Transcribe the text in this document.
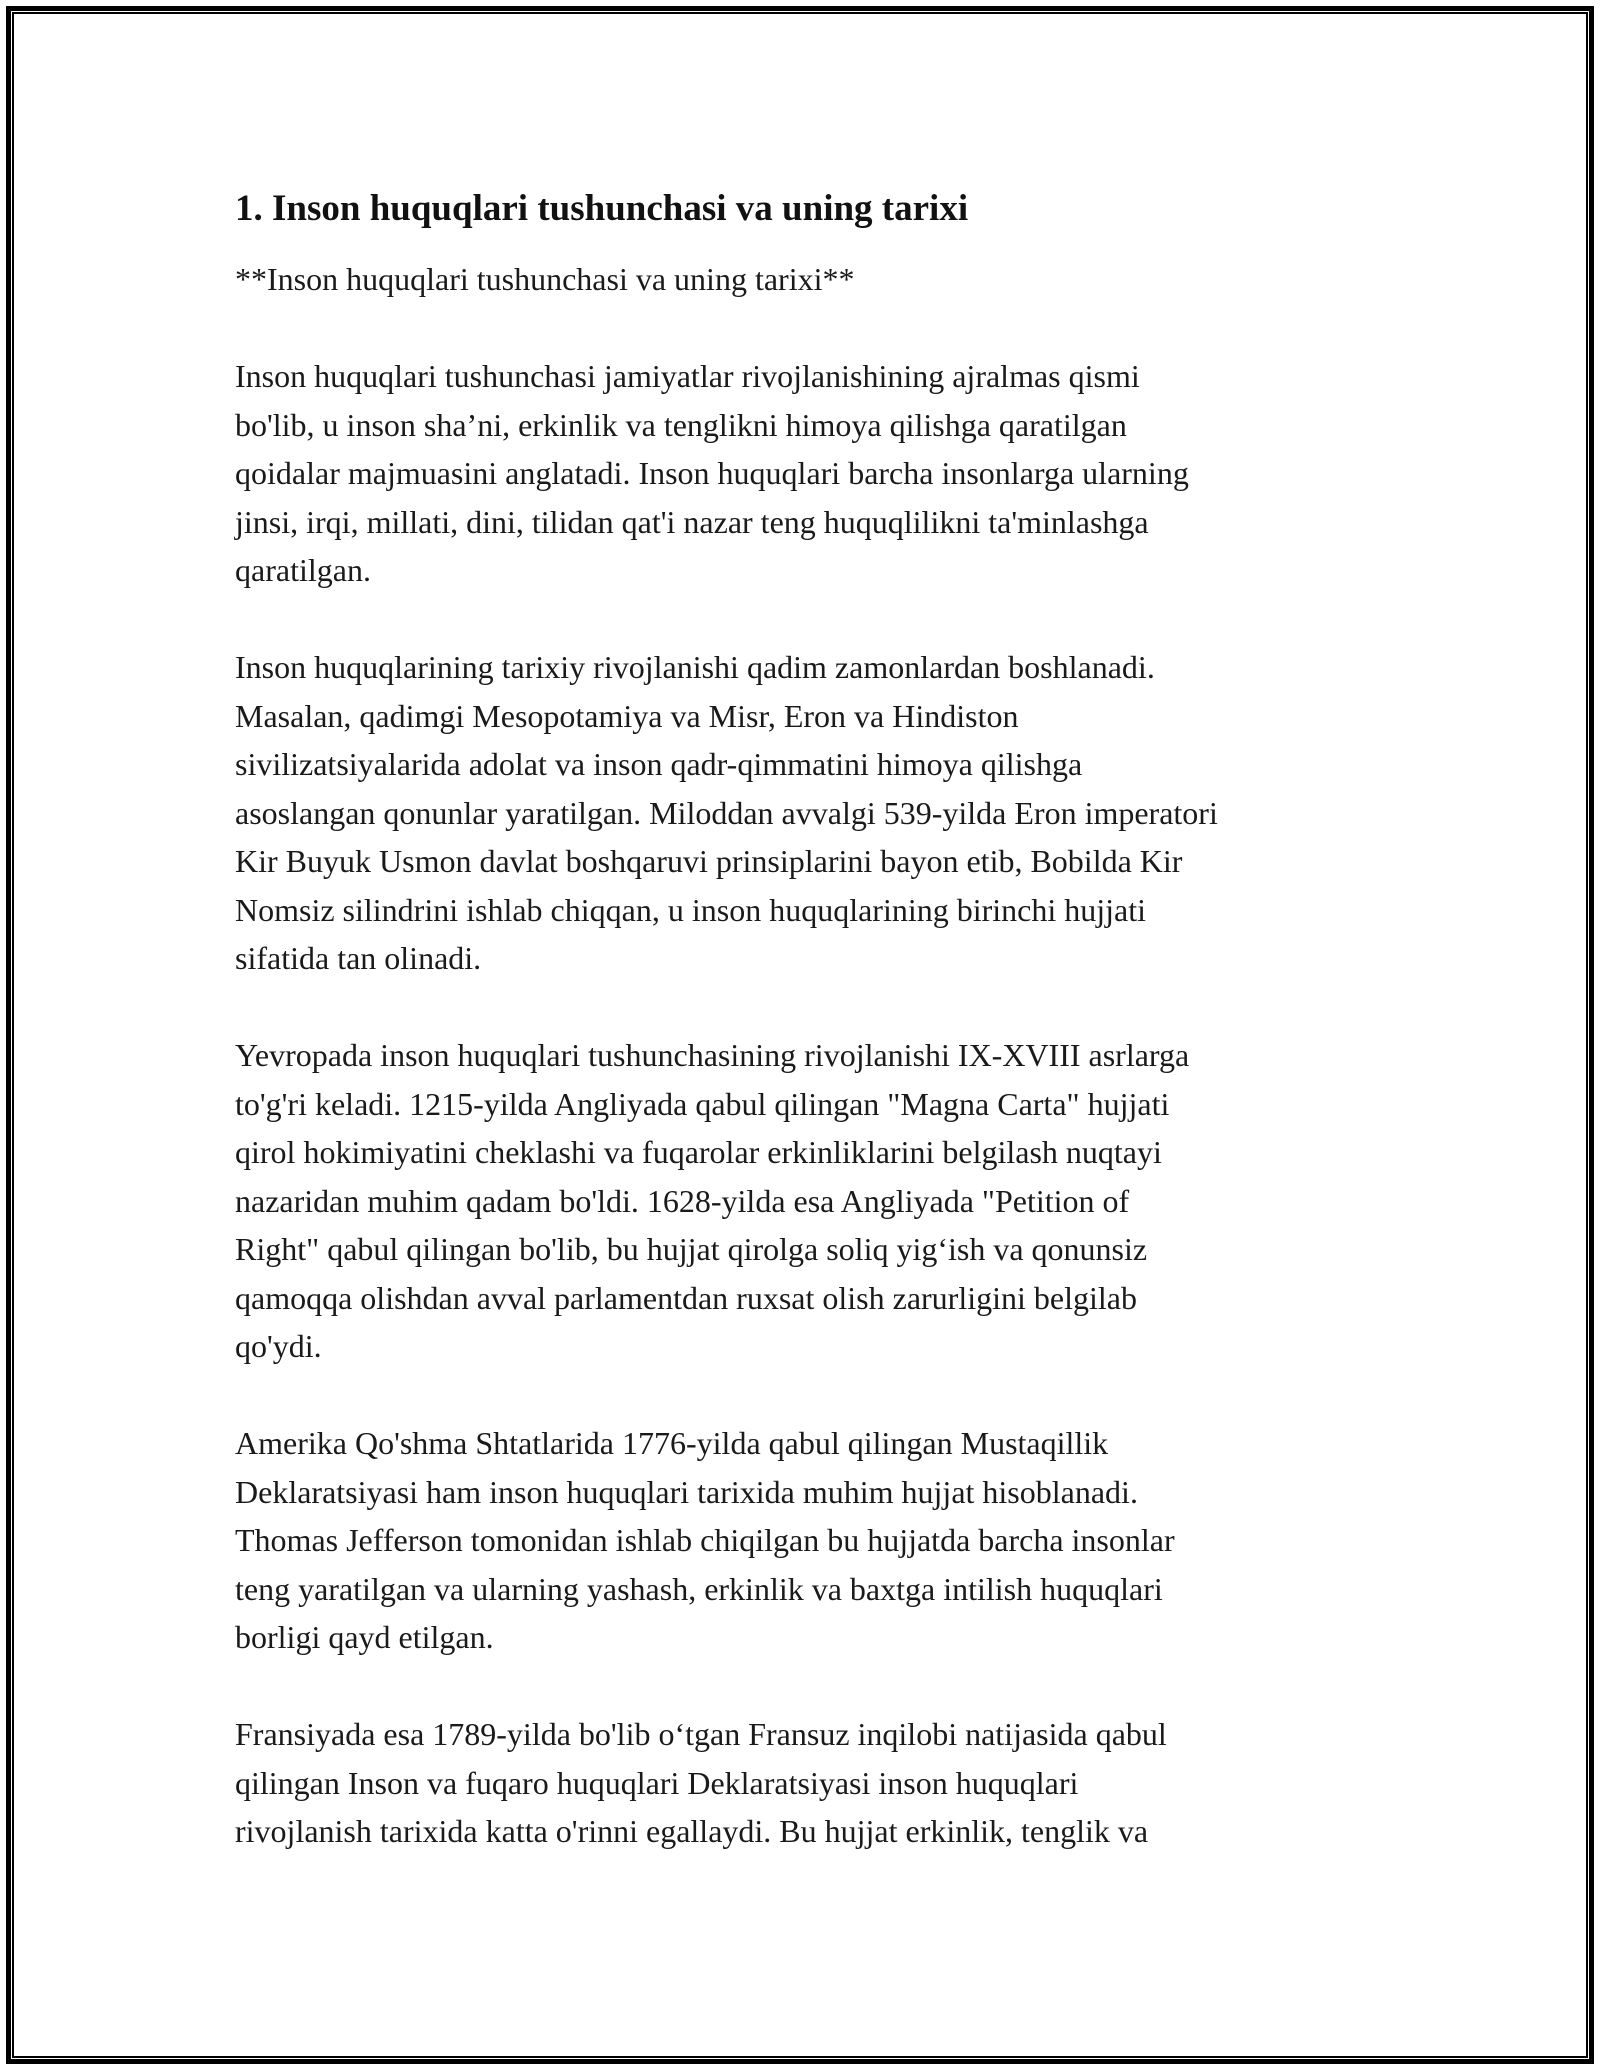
1. Inson huquqlari tushunchasi va uning tarixi

**Inson huquqlari tushunchasi va uning tarixi**

Inson huquqlari tushunchasi jamiyatlar rivojlanishining ajralmas qismi
bo'lib, u inson sha’ni, erkinlik va tenglikni himoya qilishga qaratilgan
qoidalar majmuasini anglatadi. Inson huquqlari barcha insonlarga ularning
jinsi, irqi, millati, dini, tilidan qat'i nazar teng huquqlilikni ta'minlashga
qaratilgan.

Inson huquqlarining tarixiy rivojlanishi qadim zamonlardan boshlanadi.
Masalan, qadimgi Mesopotamiya va Misr, Eron va Hindiston
sivilizatsiyalarida adolat va inson qadr-qimmatini himoya qilishga
asoslangan qonunlar yaratilgan. Miloddan avvalgi 539-yilda Eron imperatori
Kir Buyuk Usmon davlat boshqaruvi prinsiplarini bayon etib, Bobilda Kir
Nomsiz silindrini ishlab chiqqan, u inson huquqlarining birinchi hujjati
sifatida tan olinadi.

Yevropada inson huquqlari tushunchasining rivojlanishi IX-XVIII asrlarga
to'g'ri keladi. 1215-yilda Angliyada qabul qilingan "Magna Carta" hujjati
qirol hokimiyatini cheklashi va fuqarolar erkinliklarini belgilash nuqtayi
nazaridan muhim qadam bo'ldi. 1628-yilda esa Angliyada "Petition of
Right" qabul qilingan bo'lib, bu hujjat qirolga soliq yig‘ish va qonunsiz
qamoqqa olishdan avval parlamentdan ruxsat olish zarurligini belgilab
qo'ydi.

Amerika Qo'shma Shtatlarida 1776-yilda qabul qilingan Mustaqillik
Deklaratsiyasi ham inson huquqlari tarixida muhim hujjat hisoblanadi.
Thomas Jefferson tomonidan ishlab chiqilgan bu hujjatda barcha insonlar
teng yaratilgan va ularning yashash, erkinlik va baxtga intilish huquqlari
borligi qayd etilgan.

Fransiyada esa 1789-yilda bo'lib o‘tgan Fransuz inqilobi natijasida qabul
qilingan Inson va fuqaro huquqlari Deklaratsiyasi inson huquqlari
rivojlanish tarixida katta o'rinni egallaydi. Bu hujjat erkinlik, tenglik va
